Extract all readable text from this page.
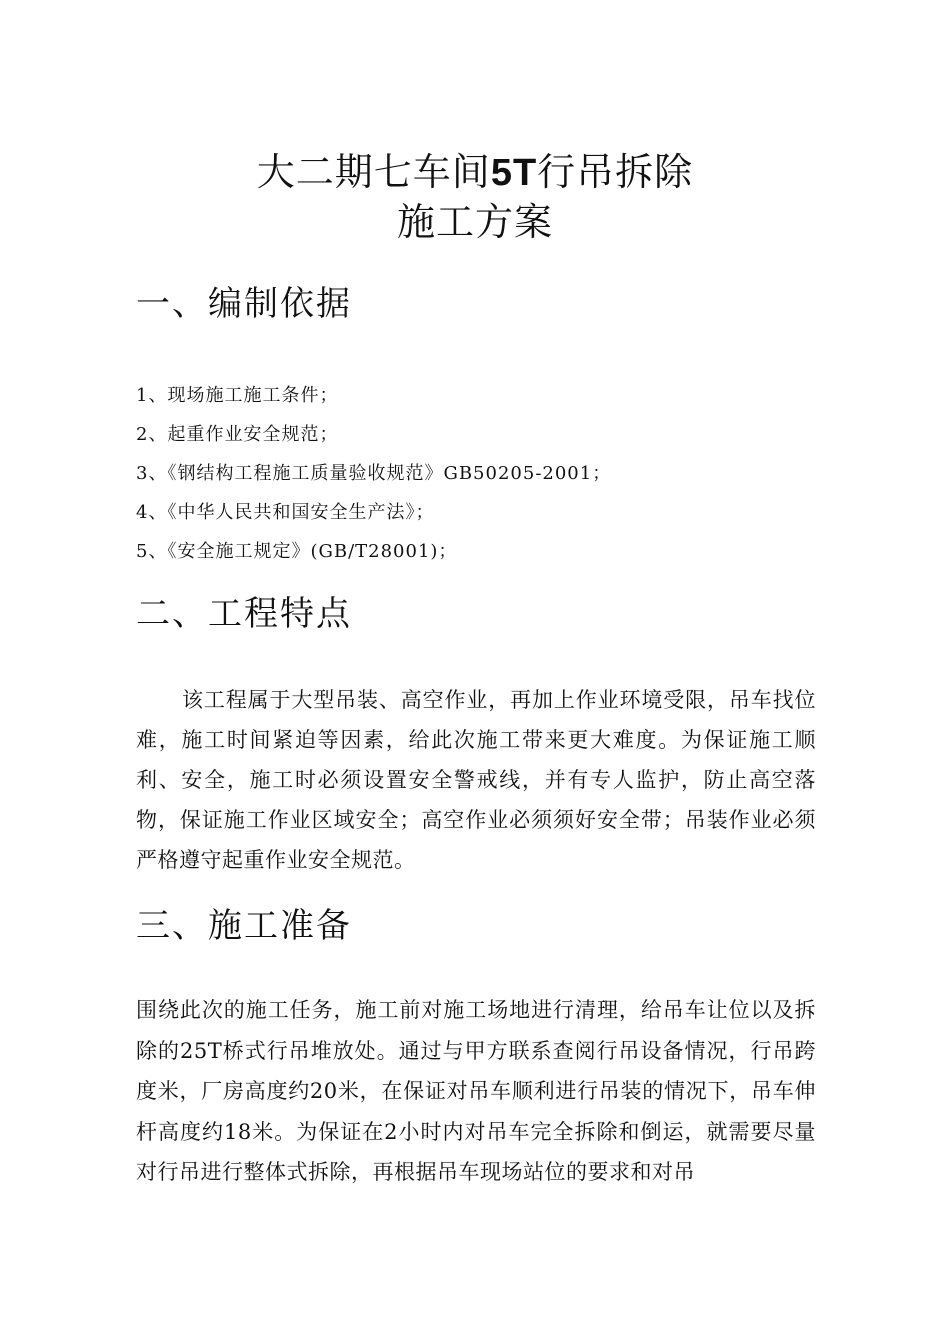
大二期七车间5T行吊拆除
施工方案
一、编制依据
1、现场施工施工条件；
2、起重作业安全规范；
3、《钢结构工程施工质量验收规范》GB50205-2001；
4、《中华人民共和国安全生产法》；
5、《安全施工规定》(GB/T28001)；
二、工程特点

该工程属于大型吊装、高空作业，再加上作业环境受限，吊车找位难，施工时间紧迫等因素，给此次施工带来更大难度。为保证施工顺利、安全，施工时必须设置安全警戒线，并有专人监护，防止高空落物，保证施工作业区域安全；高空作业必须须好安全带；吊装作业必须严格遵守起重作业安全规范。

三、施工准备

围绕此次的施工任务，施工前对施工场地进行清理，给吊车让位以及拆除的25T桥式行吊堆放处。通过与甲方联系查阅行吊设备情况，行吊跨度米，厂房高度约20米，在保证对吊车顺利进行吊装的情况下，吊车伸杆高度约18米。为保证在2小时内对吊车完全拆除和倒运，就需要尽量对行吊进行整体式拆除，再根据吊车现场站位的要求和对吊
